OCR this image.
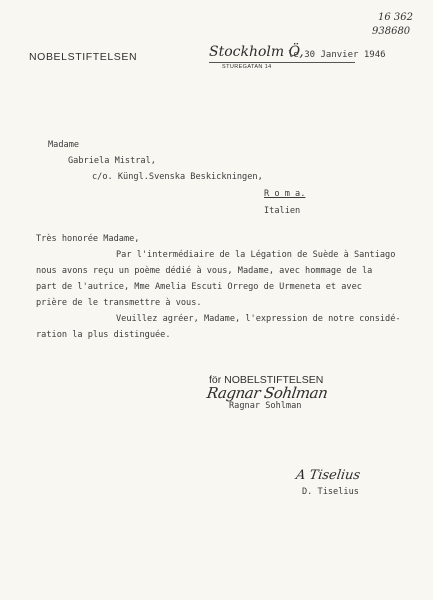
16 362
938680
NOBELSTIFTELSEN	Stockholm Ö,
le 30 Janvier 1946
STUREGATAN 14
Madame
Gabriela Mistral,
c/o. Küngl.Svenska Beskickningen,
R o m a.
Italien
Très honorée Madame,
Par l'intermédiaire de la Légation de Suède à Santiago
nous avons reçu un poème dédié à vous, Madame, avec hommage de la
part de l'autrice, Mme Amelia Escuti Orrego de Urmeneta et avec
prière de le transmettre à vous.
Veuillez agréer, Madame, l'expression de notre considé-
ration la plus distinguée.
för NOBELSTIFTELSEN
Ragnar Sohlman
Ragnar Sohlman
A Tiselius
D. Tiselius
